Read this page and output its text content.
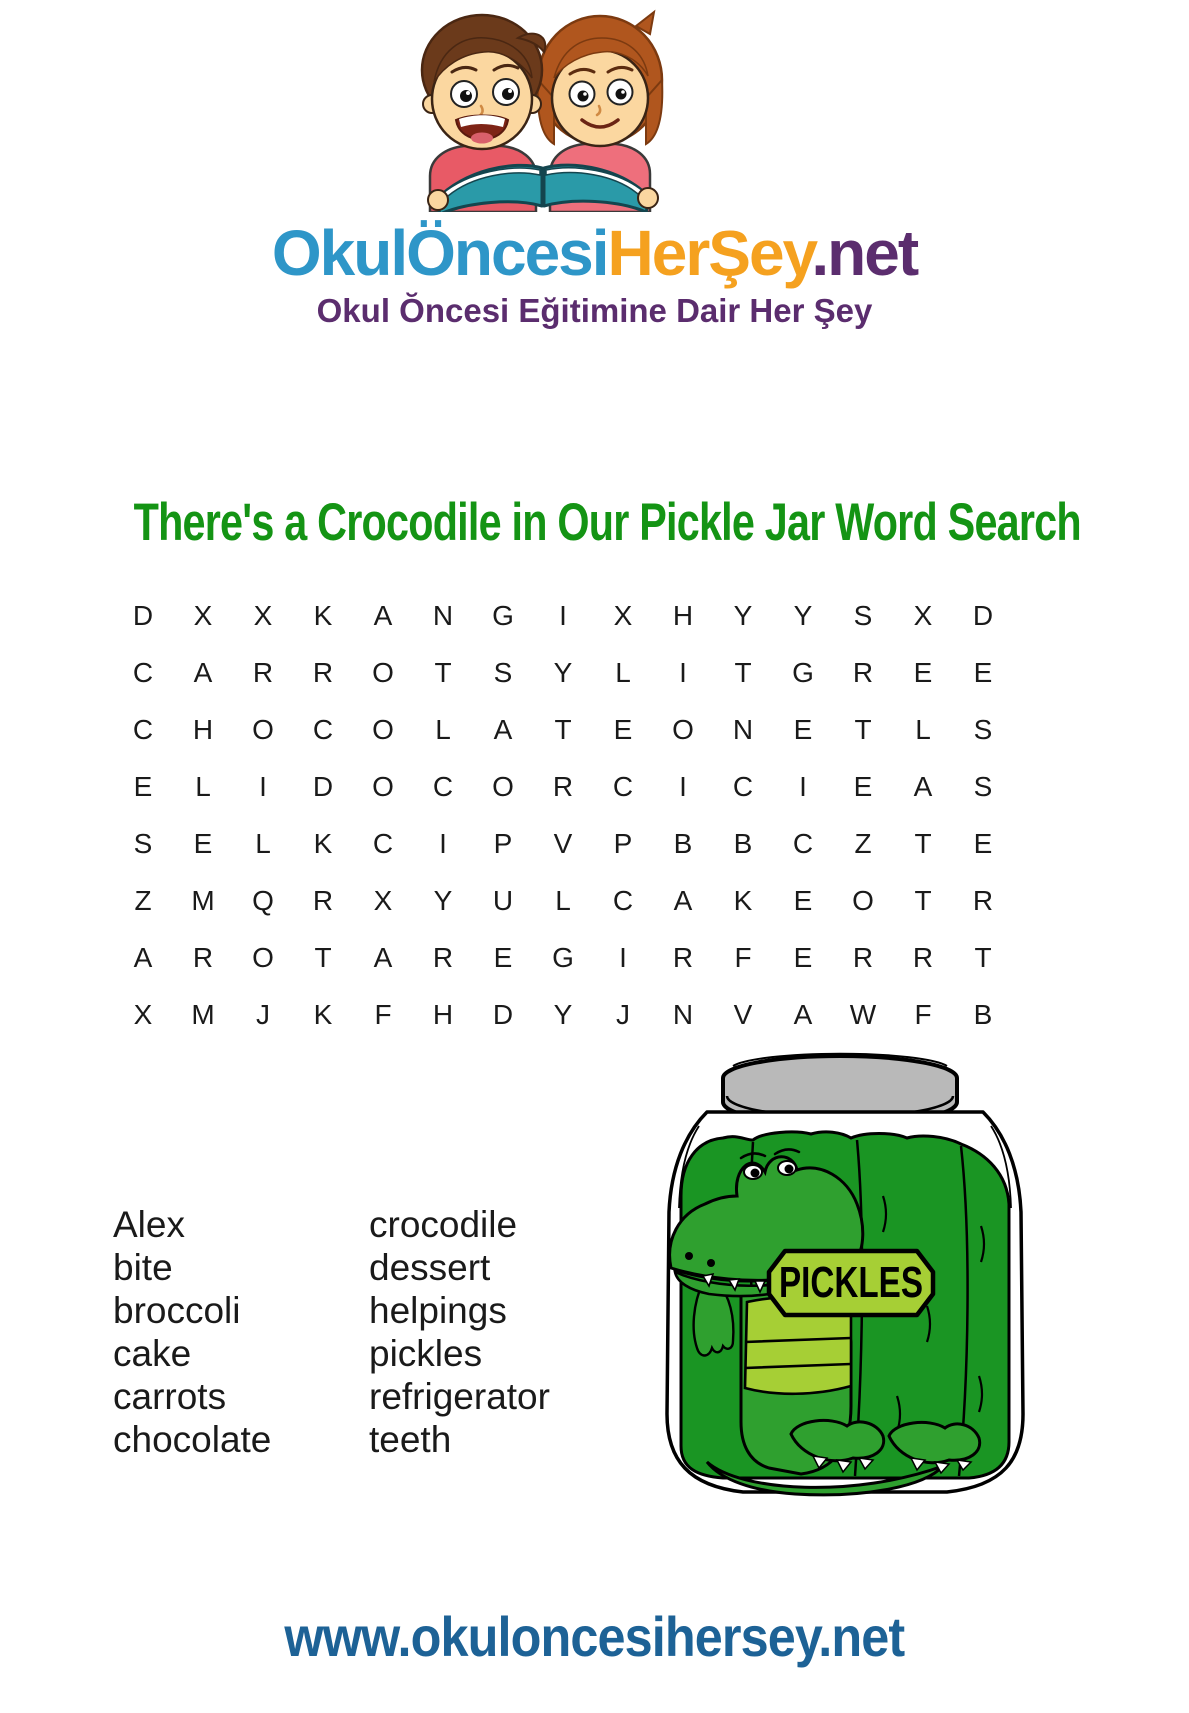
OkulÖncesiHerŞey.net
Okul Ŏncesi Eğitimine Dair Her Şey
There's a Crocodile in Our Pickle Jar Word Search
D	X	X	K	A	N	G	I	X	H	Y	Y	S	X	D
C	A	R	R	O	T	S	Y	L	I	T	G	R	E	E
C	H	O	C	O	L	A	T	E	O	N	E	T	L	S
E	L	I	D	O	C	O	R	C	I	C	I	E	A	S
S	E	L	K	C	I	P	V	P	B	B	C	Z	T	E
Z	M	Q	R	X	Y	U	L	C	A	K	E	O	T	R
A	R	O	T	A	R	E	G	I	R	F	E	R	R	T
X	M	J	K	F	H	D	Y	J	N	V	A	W	F	B
Alex
bite
broccoli
cake
carrots
chocolate
crocodile
dessert
helpings
pickles
refrigerator
teeth
PICKLES
www.okuloncesihersey.net
